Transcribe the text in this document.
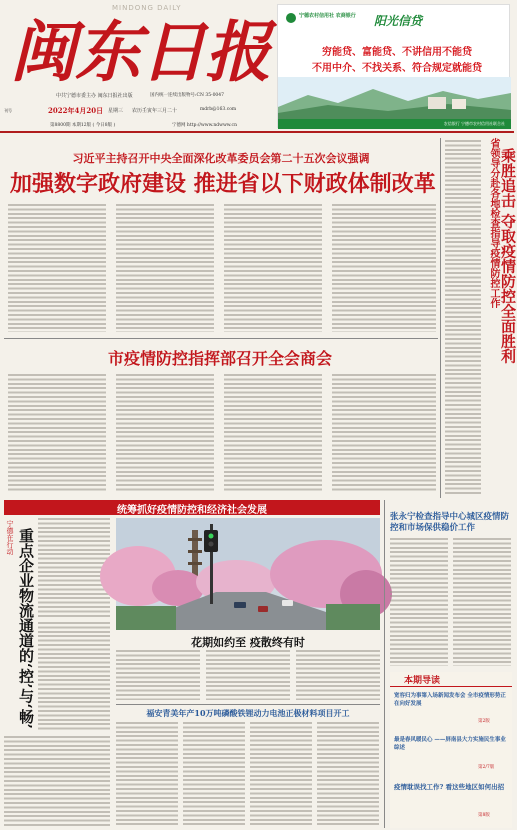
MINDONG DAILY
闽东日报
中共宁德市委主办 闽东日报社出版	国内统一连续出版物号:CN 35-0047
刊号	2022年4月20日 星期三 农历壬寅年三月二十	mdrb@163.com
第8800期 本期12版 ( 今日8版 )	宁德网 http://www.ndwww.cn
宁德农村信用社 农商银行	阳光信贷
穷能贷、富能贷、不讲信用不能贷
不用中介、不找关系、符合规定就能贷
农信银行 宁德市农村信用社联合社
习近平主持召开中央全面深化改革委员会第二十五次会议强调
加强数字政府建设 推进省以下财政体制改革	省领导分赴各地检查指导疫情防控工作 乘胜追击 夺取疫情防控全面胜利
市疫情防控指挥部召开全会商会
统筹抓好疫情防控和经济社会发展
宁德在行动 重点企业物流通道的‘控’与‘畅’	花期如约至 疫散终有时
福安青美年产10万吨磷酸铁锂动力电池正极材料项目开工
张永宁检查指导中心城区疫情防控和市场保供稳价工作
本期导读
宽容归为事第入场新闻发布会 全市疫情形势正在向好发展
第2版
最是春风暖民心 ——屏南县大力实施民生事业综述
第2/7版
疫情耽误找工作? 看这些地区如何出招
第8版
